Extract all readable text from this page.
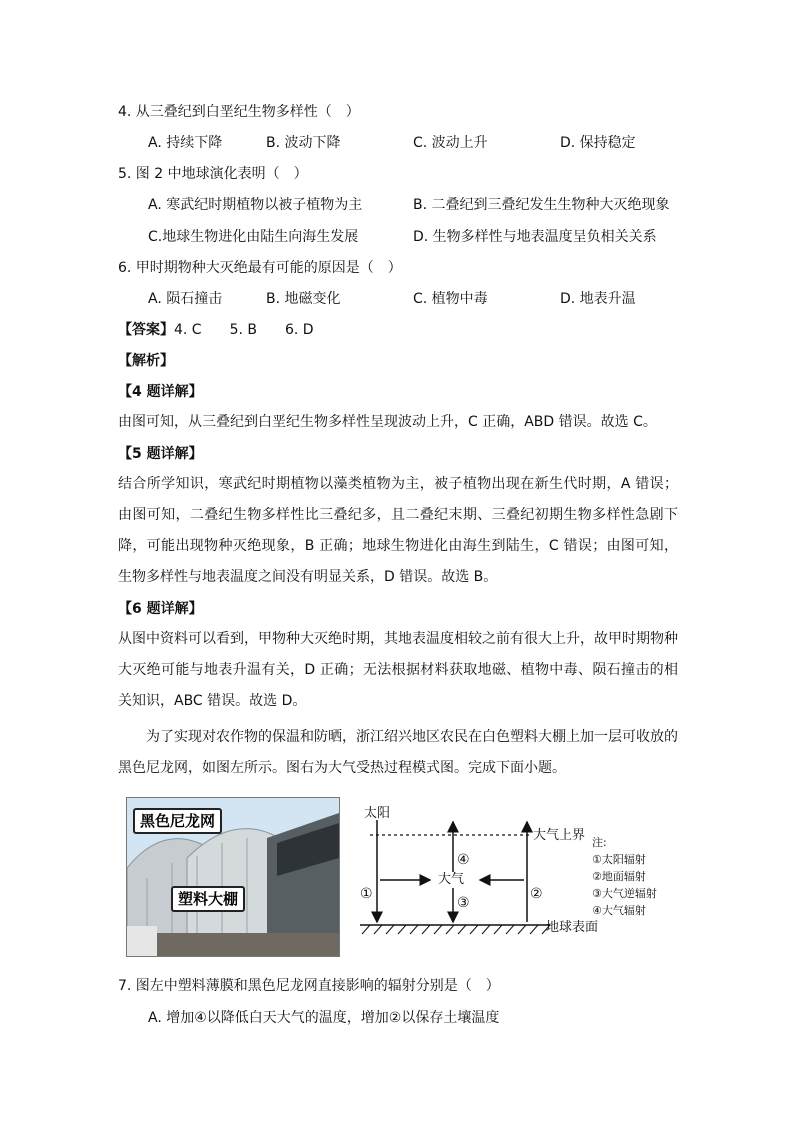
4. 从三叠纪到白垩纪生物多样性（　）
A. 持续下降	B. 波动下降	C. 波动上升	D. 保持稳定
5. 图 2 中地球演化表明（　）
A. 寒武纪时期植物以被子植物为主	B. 二叠纪到三叠纪发生生物种大灭绝现象
C.地球生物进化由陆生向海生发展	D. 生物多样性与地表温度呈负相关关系
6. 甲时期物种大灭绝最有可能的原因是（　）
A. 陨石撞击	B. 地磁变化	C. 植物中毒	D. 地表升温
【答案】4. C　　5. B　　6. D
【解析】
【4 题详解】
由图可知，从三叠纪到白垩纪生物多样性呈现波动上升，C 正确，ABD 错误。故选 C。
【5 题详解】
结合所学知识，寒武纪时期植物以藻类植物为主，被子植物出现在新生代时期，A 错误；由图可知，二叠纪生物多样性比三叠纪多，且二叠纪末期、三叠纪初期生物多样性急剧下降，可能出现物种灭绝现象，B 正确；地球生物进化由海生到陆生，C 错误；由图可知，生物多样性与地表温度之间没有明显关系，D 错误。故选 B。
【6 题详解】
从图中资料可以看到，甲物种大灭绝时期，其地表温度相较之前有很大上升，故甲时期物种大灭绝可能与地表升温有关，D 正确；无法根据材料获取地磁、植物中毒、陨石撞击的相关知识，ABC 错误。故选 D。
为了实现对农作物的保温和防晒，浙江绍兴地区农民在白色塑料大棚上加一层可收放的黑色尼龙网，如图左所示。图右为大气受热过程模式图。完成下面小题。
黑色尼龙网
塑料大棚
太阳
大气上界
大气
地球表面
①	②
③
④
注:
①太阳辐射
②地面辐射
③大气逆辐射
④大气辐射
7. 图左中塑料薄膜和黑色尼龙网直接影响的辐射分别是（　）
A. 增加④以降低白天大气的温度，增加②以保存土壤温度
